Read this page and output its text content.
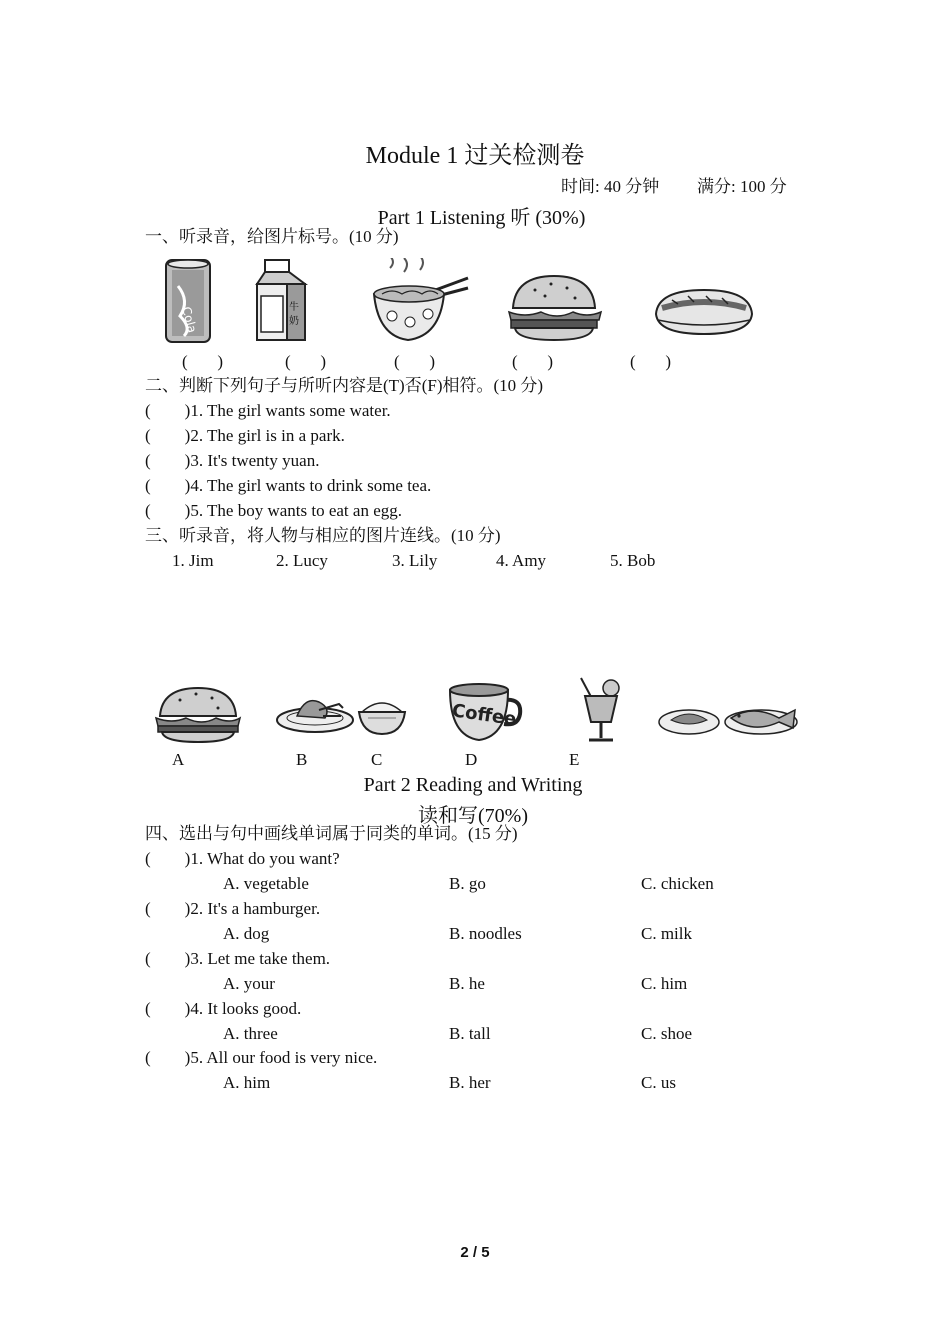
Module 1 过关检测卷
时间: 40 分钟 满分: 100 分
Part 1 Listening 听 (30%)
一、听录音，给图片标号。(10 分)
Cola	牛
奶
(       )	(       )	(       )	(       )	(       )
二、判断下列句子与所听内容是(T)否(F)相符。(10 分)
(        )1. The girl wants some water.
(        )2. The girl is in a park.
(        )3. It's twenty yuan.
(        )4. The girl wants to drink some tea.
(        )5. The boy wants to eat an egg.
三、听录音，将人物与相应的图片连线。(10 分)
1. Jim	2. Lucy	3. Lily	4. Amy	5. Bob
Coffee
A	B	C	D	E
Part 2 Reading and Writing
读和写(70%)
四、选出与句中画线单词属于同类的单词。(15 分)
(        )1. What do you want?
A. vegetable	B. go	C. chicken
(        )2. It's a hamburger.
A. dog	B. noodles	C. milk
(        )3. Let me take them.
A. your	B. he	C. him
(        )4. It looks good.
A. three	B. tall	C. shoe
(        )5. All our food is very nice.
A. him	B. her	C. us
2 / 5
